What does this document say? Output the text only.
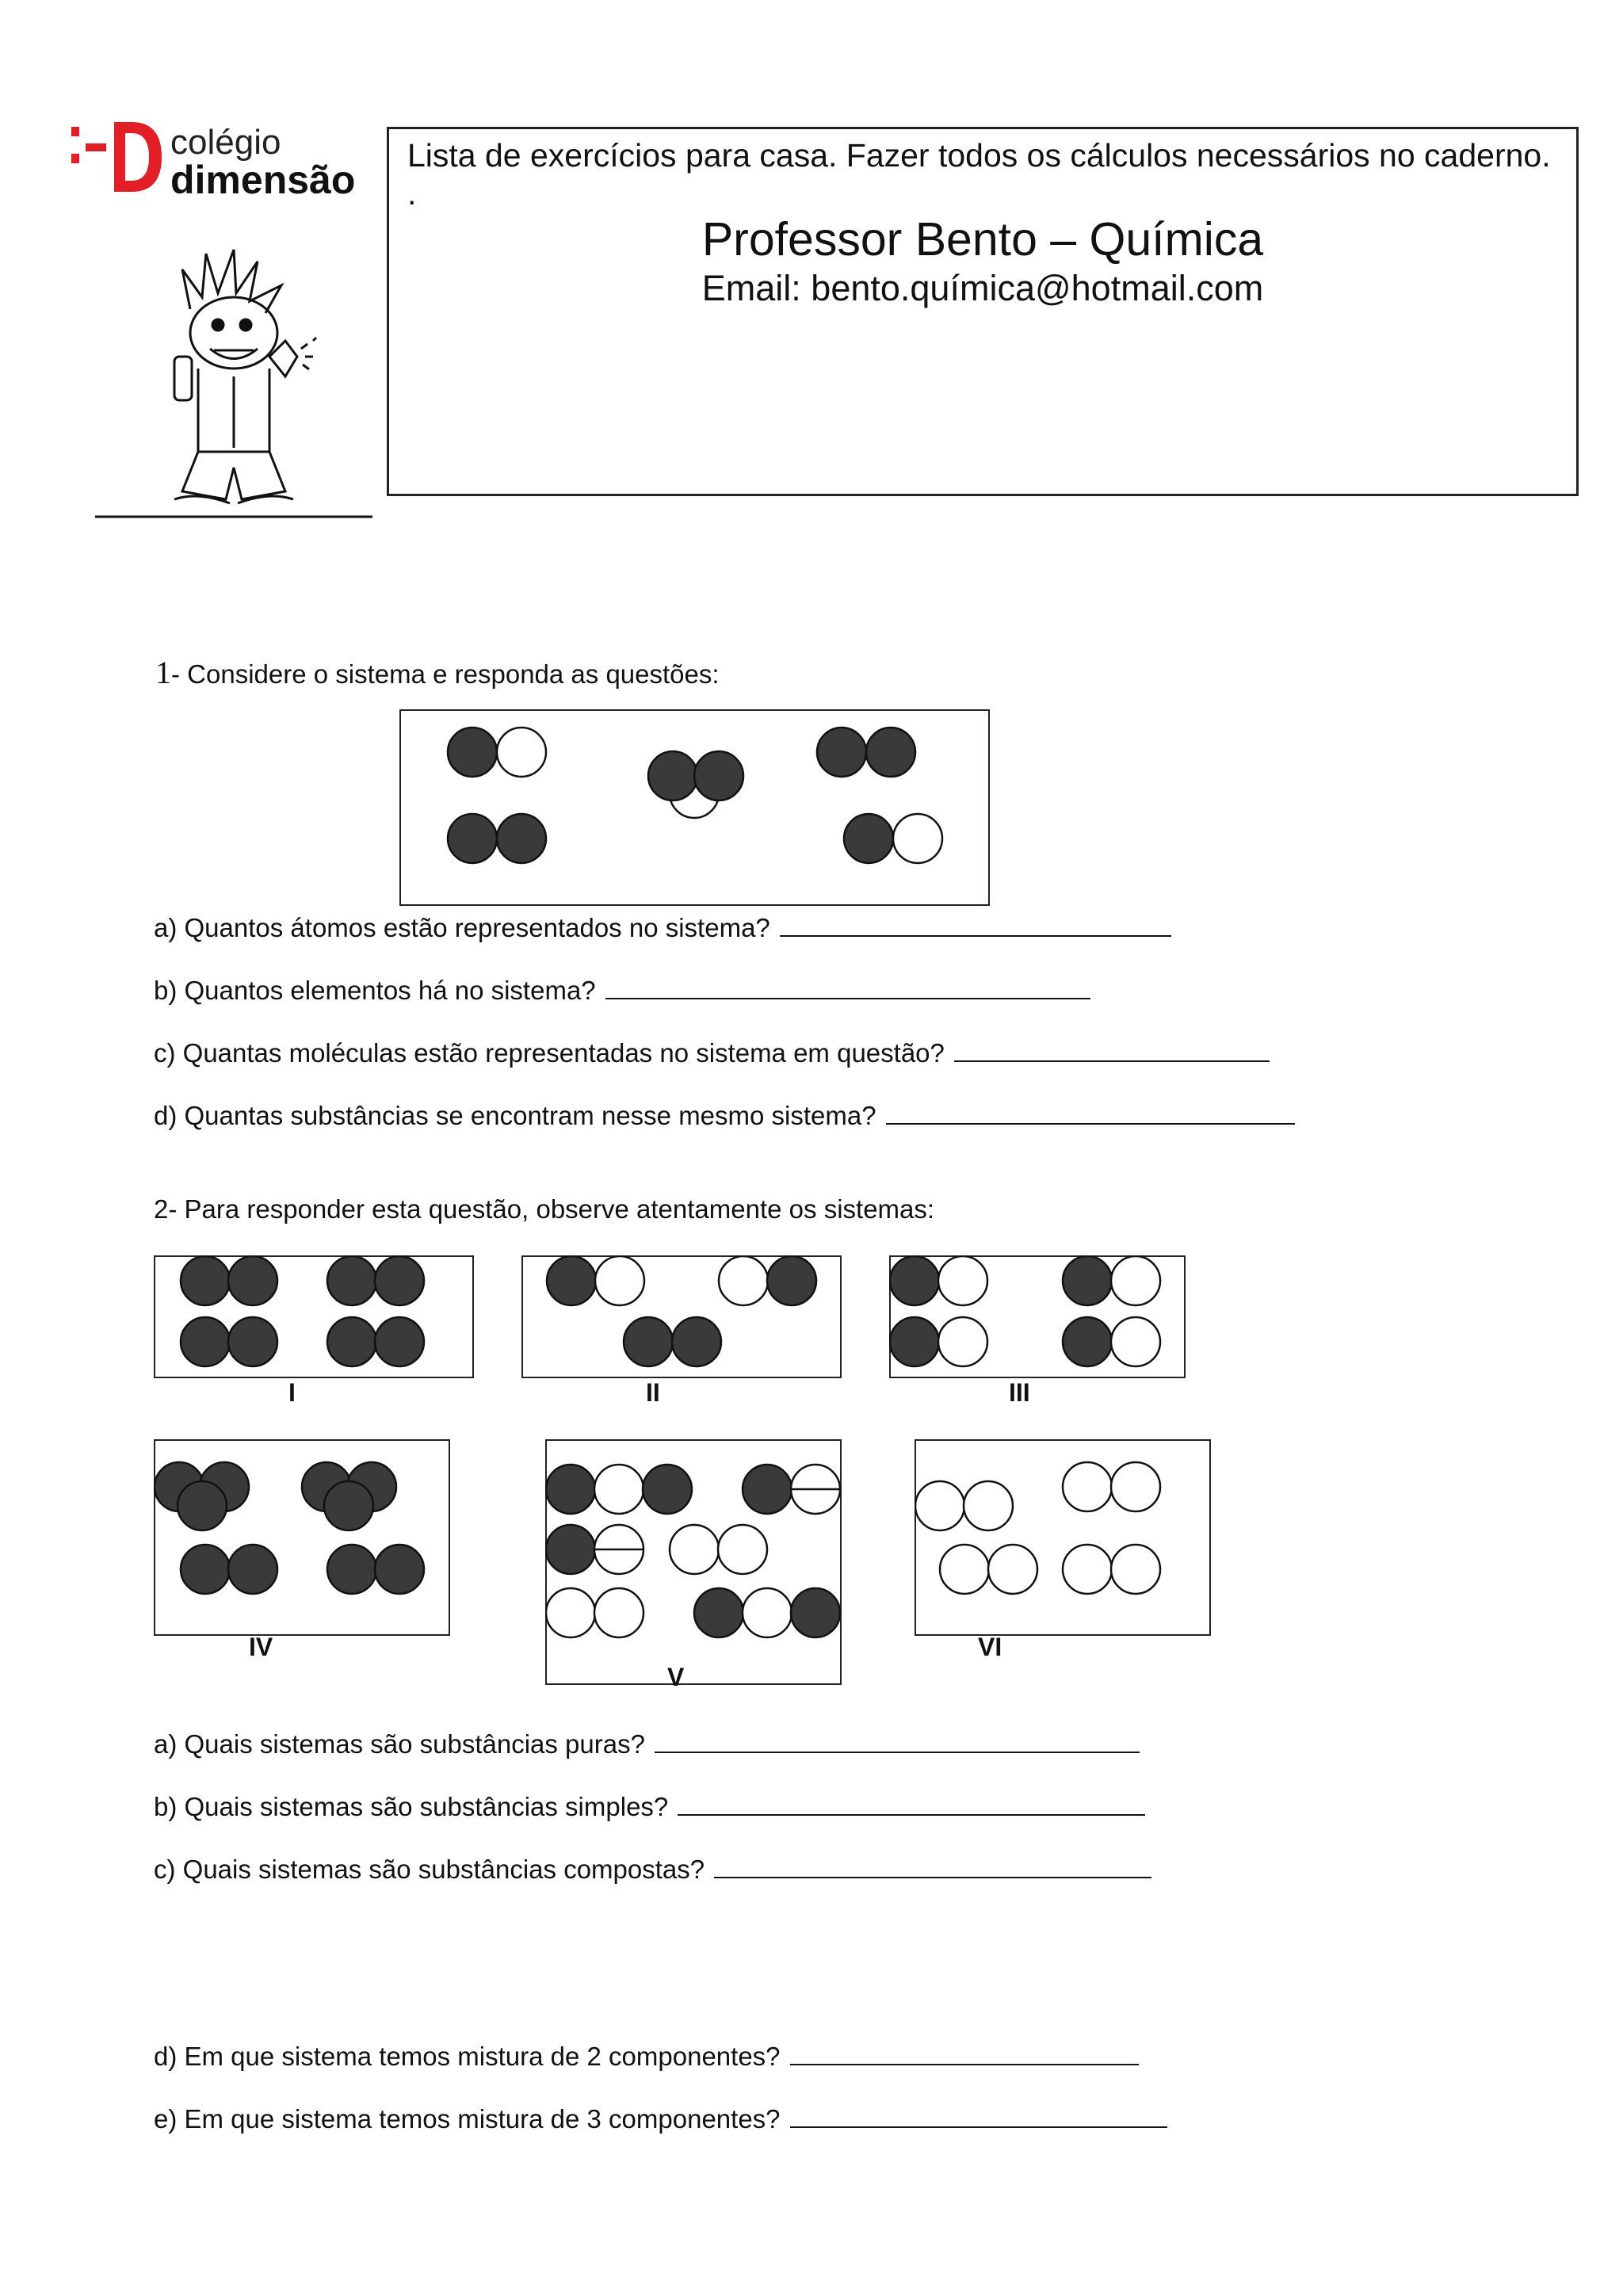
colégio
dimensão
Lista de exercícios para casa. Fazer todos os cálculos necessários no caderno. .
Professor Bento – Química
Email: bento.química@hotmail.com
1- Considere o sistema e responda as questões:
a) Quantos átomos estão representados no sistema?
b) Quantos elementos há no sistema?
c) Quantas moléculas estão representadas no sistema em questão?
d) Quantas substâncias se encontram nesse mesmo sistema?
2- Para responder esta questão, observe atentamente os sistemas:
I	II	III
IV
V
VI
a) Quais sistemas são substâncias puras?
b) Quais sistemas são substâncias simples?
c) Quais sistemas são substâncias compostas?
d) Em que sistema temos mistura de 2 componentes?
e) Em que sistema temos mistura de 3 componentes?
